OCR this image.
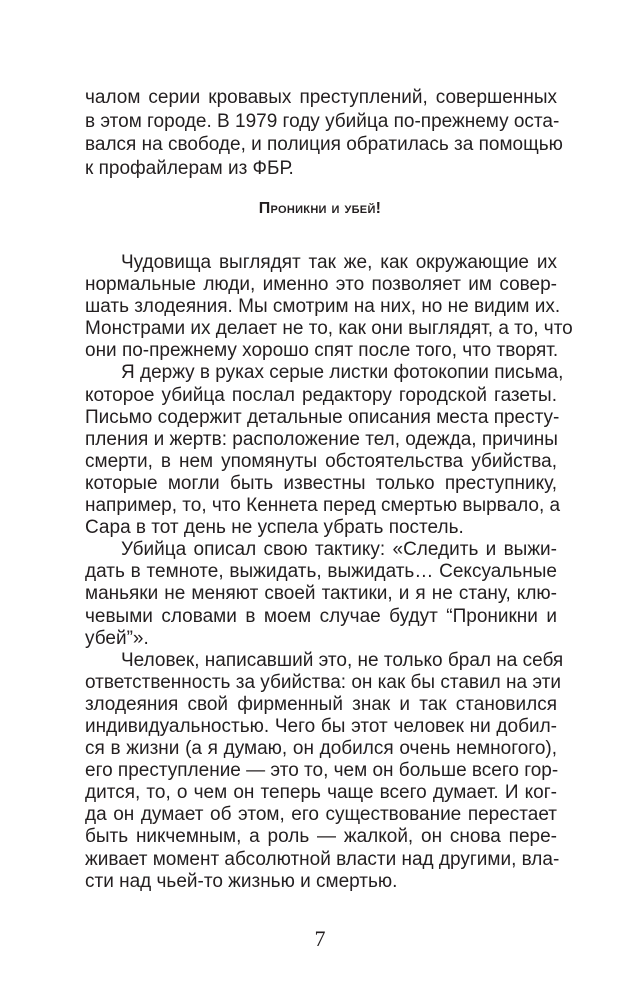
чалом серии кровавых преступлений, совершенных
в этом городе. В 1979 году убийца по-прежнему оста-
вался на свободе, и полиция обратилась за помощью
к профайлерам из ФБР.
Проникни и убей!
Чудовища выглядят так же, как окружающие их
нормальные люди, именно это позволяет им совер-
шать злодеяния. Мы смотрим на них, но не видим их.
Монстрами их делает не то, как они выглядят, а то, что
они по-прежнему хорошо спят после того, что творят.
Я держу в руках серые листки фотокопии письма,
которое убийца послал редактору городской газеты.
Письмо содержит детальные описания места престу-
пления и жертв: расположение тел, одежда, причины
смерти, в нем упомянуты обстоятельства убийства,
которые могли быть известны только преступнику,
например, то, что Кеннета перед смертью вырвало, а
Сара в тот день не успела убрать постель.
Убийца описал свою тактику: «Следить и выжи-
дать в темноте, выжидать, выжидать… Сексуальные
маньяки не меняют своей тактики, и я не стану, клю-
чевыми словами в моем случае будут “Проникни и
убей”».
Человек, написавший это, не только брал на себя
ответственность за убийства: он как бы ставил на эти
злодеяния свой фирменный знак и так становился
индивидуальностью. Чего бы этот человек ни добил-
ся в жизни (а я думаю, он добился очень немногого),
его преступление — это то, чем он больше всего гор-
дится, то, о чем он теперь чаще всего думает. И ког-
да он думает об этом, его существование перестает
быть никчемным, а роль — жалкой, он снова пере-
живает момент абсолютной власти над другими, вла-
сти над чьей-то жизнью и смертью.
7
